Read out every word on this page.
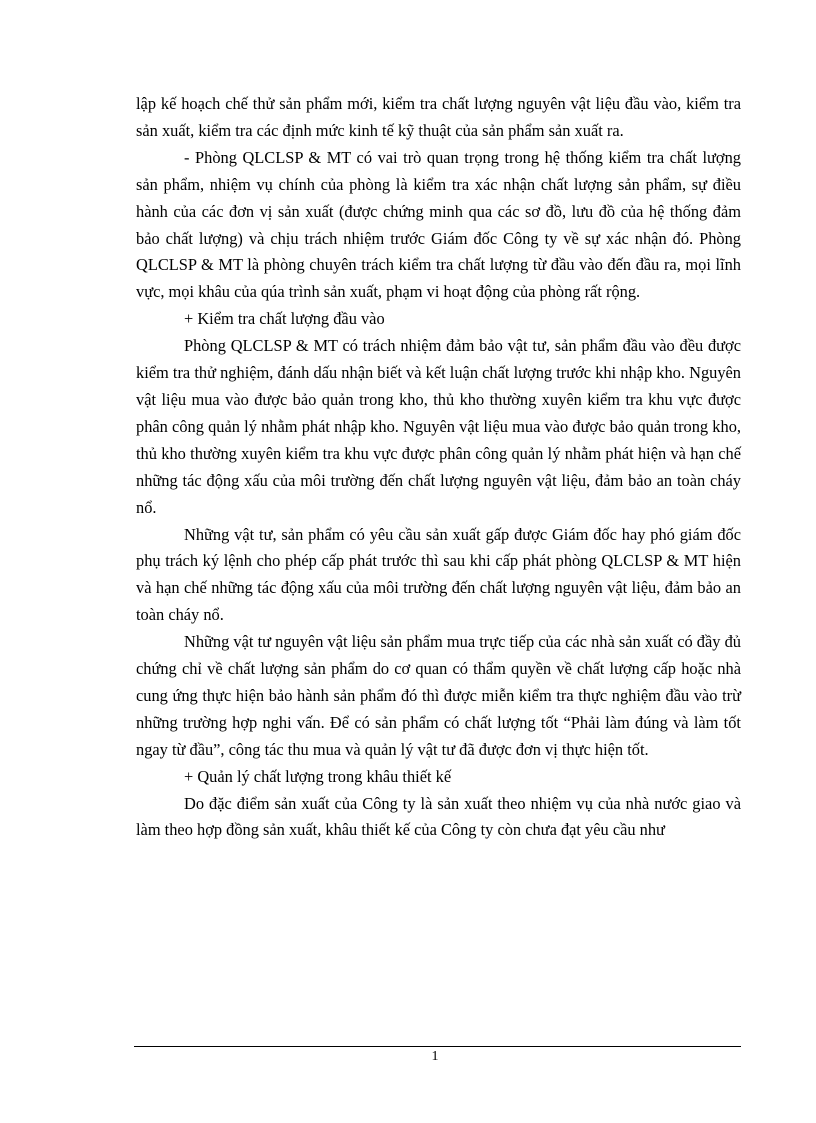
lập kế hoạch chế thử sản phẩm mới, kiểm tra chất lượng nguyên vật liệu đầu vào, kiểm tra sản xuất, kiểm tra các định mức kinh tế kỹ thuật của sản phẩm sản xuất ra.

- Phòng QLCLSP & MT có vai trò quan trọng trong hệ thống kiểm tra chất lượng sản phẩm, nhiệm vụ chính của phòng là kiểm tra xác nhận chất lượng sản phẩm, sự điều hành của các đơn vị sản xuất (được chứng minh qua các sơ đồ, lưu đồ của hệ thống đảm bảo chất lượng) và chịu trách nhiệm trước Giám đốc Công ty về sự xác nhận đó. Phòng QLCLSP & MT là phòng chuyên trách kiểm tra chất lượng từ đầu vào đến đầu ra, mọi lĩnh vực, mọi khâu của qúa trình sản xuất, phạm vi hoạt động của phòng rất rộng.

+ Kiểm tra chất lượng đầu vào

Phòng QLCLSP & MT có trách nhiệm đảm bảo vật tư, sản phẩm đầu vào đều được kiểm tra thử nghiệm, đánh dấu nhận biết và kết luận chất lượng trước khi nhập kho. Nguyên vật liệu mua vào được bảo quản trong kho, thủ kho thường xuyên kiểm tra khu vực được phân công quản lý nhằm phát nhập kho. Nguyên vật liệu mua vào được bảo quản trong kho, thủ kho thường xuyên kiểm tra khu vực được phân công quản lý nhằm phát hiện và hạn chế những tác động xấu của môi trường đến chất lượng nguyên vật liệu, đảm bảo an toàn cháy nổ.

Những vật tư, sản phẩm có yêu cầu sản xuất gấp được Giám đốc hay phó giám đốc phụ trách ký lệnh cho phép cấp phát trước thì sau khi cấp phát phòng QLCLSP & MT hiện và hạn chế những tác động xấu của môi trường đến chất lượng nguyên vật liệu, đảm bảo an toàn cháy nổ.

Những vật tư nguyên vật liệu sản phẩm mua trực tiếp của các nhà sản xuất có đầy đủ chứng chỉ về chất lượng sản phẩm do cơ quan có thẩm quyền về chất lượng cấp hoặc nhà cung ứng thực hiện bảo hành sản phẩm đó thì được miễn kiểm tra thực nghiệm đầu vào trừ những trường hợp nghi vấn. Để có sản phẩm có chất lượng tốt “Phải làm đúng và làm tốt ngay từ đầu”, công tác thu mua và quản lý vật tư đã được đơn vị thực hiện tốt.

+ Quản lý chất lượng trong khâu thiết kế

Do đặc điểm sản xuất của Công ty là sản xuất theo nhiệm vụ của nhà nước giao và làm theo hợp đồng sản xuất, khâu thiết kế của Công ty còn chưa đạt yêu cầu như

1
